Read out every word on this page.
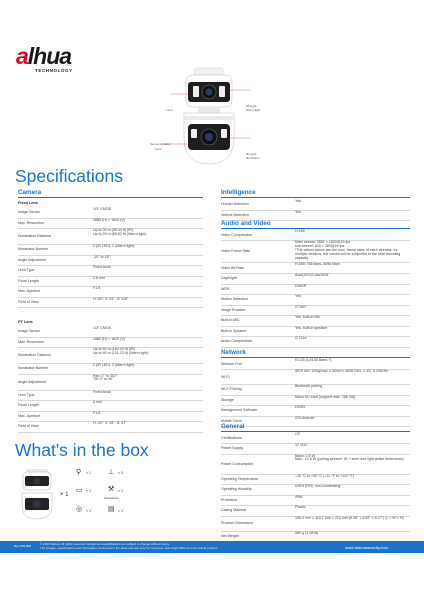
alhua
TECHNOLOGY
Lens
IR Light
Warm light
Sense indicator
Lens
IR Light
Illuminator
Specifications
Camera
Fixed Lens
Image Sensor
1/3" CMOS
Max. Resolution
2880 (H) × 1620 (V)
Illumination Distance
Up to 30 m (98.43 ft) (IR)
Up to 20 m (65.62 ft) (Warm light)
Illuminator Number
2 (IR LED); 2 (Warm light)
Angle Adjustment
-10° to 15°
Lens Type
Fixed-focal
Focal Length
2.8 mm
Max. Aperture
F1.6
Field of View
H: 90°; V: 53°; D: 110°
PT Lens
Image Sensor
1/3" CMOS
Max. Resolution
2880 (H) × 1620 (V)
Illumination Distance
Up to 50 m (164.04 ft) (IR)
Up to 40 m (131.23 ft) (Warm light)
Illuminator Number
2 (IR LED); 2 (Warm light)
Angle Adjustment
Pan: 0° to 352°;
Tilt: 0° to 90°
Lens Type
Fixed-focal
Focal Length
6 mm
Max. Aperture
F1.6
Field of View
H: 49°; V: 26°; D: 57°
Intelligence
Human Detection
Yes
Vehicle Detection
Yes
Audio and Video
Video Compression
H.265
Video Frame Rate
Main stream: 2880 × 1620@15 fps
sub stream: 640 × 360@15 fps
*The values above are the max. frame rates of each streams; for multiple streams, the values will be subjected to the total encoding capacity.
Video Bit Rate
H.265: 768 kbps–4096 kbps
Day/Night
Auto(ICR)/Color/B/W
WDR
DWDR
Motion Detection
Yes
Image Rotation
0°/180°
Built-in MIC
Yes, built-in Mic
Built-in Speaker
Yes, built-in speaker
Audio Compression
G.711a
Network
Network Port
RJ-45 (10/100 Base-T)
Wi-Fi
IEEE 802.11b/g/n/ac 2.4GHz"c 4835 GHz, 2.4G, 5.2/5GHz
Wi-Fi Pairing
Bluetooth pairing
Storage
Micro SD card (support max. 256 GB)
Management Software
DMSS
Mobile Client
iOS;Android
General
Certifications
CE
Power Supply
12 VDC
Power Consumption
Basic: 2.6 W
Max.: 10.6 W (pulling stream+ IR + siren and light active deterrence)
Operating Temperature
–30 °C to +50 °C (–22 °F to +122 °F)
Operating Humidity
≤95% (RH), non-condensing
Protection
IP66
Casing Material
Plastic
Product Dimensions
159.4 mm × 119.1 mm × 210 mm (6.28" × 4.69" × 8.27") (L × W × H)
Net Weight
580 g (1.28 lb)
What's in the box
× 1
⚲ × 1 ⊥ × 3
▭ × 1 ⚒ × 1
Screwdriver
◎ × 1 ▤ × 1
Rev 001.000	© 2023 Dahua. All rights reserved. Design and specifications are subject to change without notice.
The images, specifications and information mentioned in the document are only for reference, and might differ from the actual product.	www.dahuasecurity.com
